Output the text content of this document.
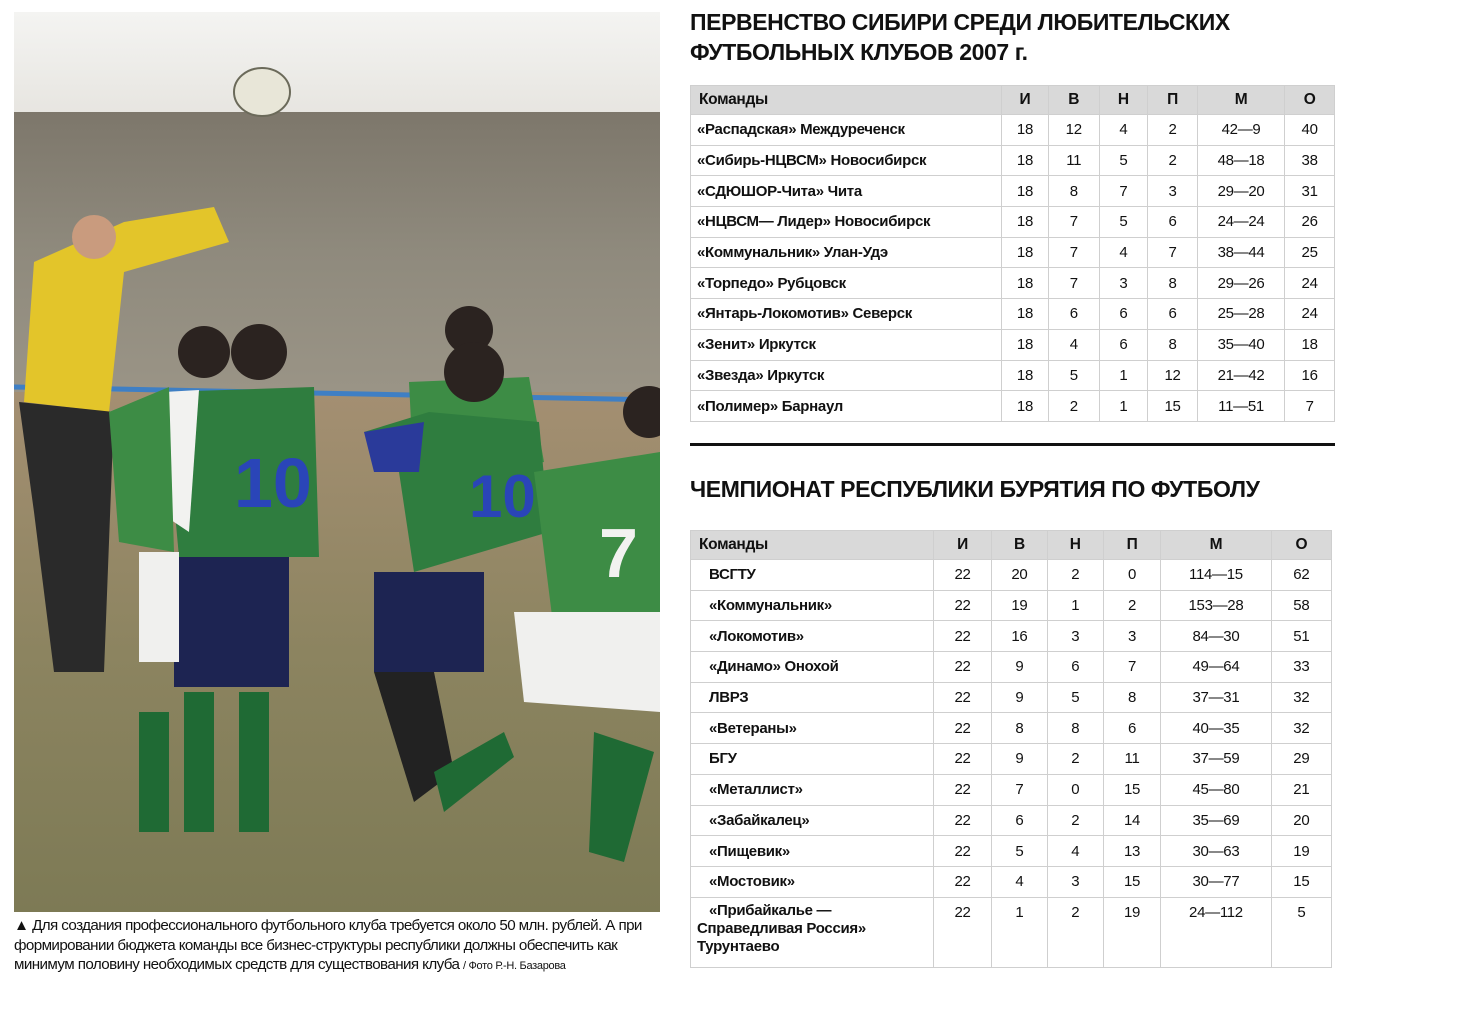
10	10
7
▲ Для создания профессионального футбольного клуба требуется около 50 млн. рублей. А при формировании бюджета команды все бизнес-структуры республики должны обеспечить как минимум половину необходимых средств для существования клуба / Фото Р.-Н. Базарова
ПЕРВЕНСТВО СИБИРИ СРЕДИ ЛЮБИТЕЛЬСКИХ ФУТБОЛЬНЫХ КЛУБОВ 2007 г.
Команды	И	В	Н	П	М	О
«Распадская» Междуреченск	18	12	4	2	42—9	40
«Сибирь-НЦВСМ» Новосибирск	18	11	5	2	48—18	38
«СДЮШОР-Чита» Чита	18	8	7	3	29—20	31
«НЦВСМ— Лидер» Новосибирск	18	7	5	6	24—24	26
«Коммунальник» Улан-Удэ	18	7	4	7	38—44	25
«Торпедо» Рубцовск	18	7	3	8	29—26	24
«Янтарь-Локомотив» Северск	18	6	6	6	25—28	24
«Зенит» Иркутск	18	4	6	8	35—40	18
«Звезда» Иркутск	18	5	1	12	21—42	16
«Полимер» Барнаул	18	2	1	15	11—51	7
ЧЕМПИОНАТ РЕСПУБЛИКИ БУРЯТИЯ ПО ФУТБОЛУ
Команды	И	В	Н	П	М	О
ВСГТУ	22	20	2	0	114—15	62
«Коммунальник»	22	19	1	2	153—28	58
«Локомотив»	22	16	3	3	84—30	51
«Динамо» Онохой	22	9	6	7	49—64	33
ЛВРЗ	22	9	5	8	37—31	32
«Ветераны»	22	8	8	6	40—35	32
БГУ	22	9	2	11	37—59	29
«Металлист»	22	7	0	15	45—80	21
«Забайкалец»	22	6	2	14	35—69	20
«Пищевик»	22	5	4	13	30—63	19
«Мостовик»	22	4	3	15	30—77	15
«Прибайкалье — Справедливая Россия» Турунтаево	22	1	2	19	24—112	5
